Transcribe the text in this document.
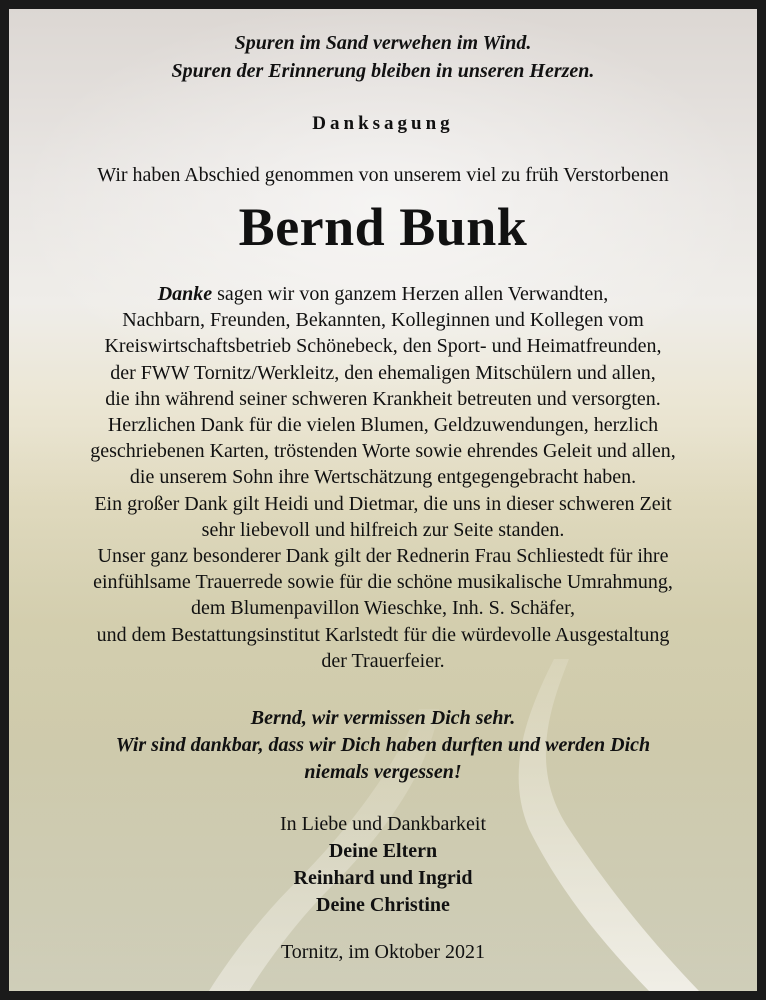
Spuren im Sand verwehen im Wind.
Spuren der Erinnerung bleiben in unseren Herzen.
Danksagung
Wir haben Abschied genommen von unserem viel zu früh Verstorbenen
Bernd Bunk
Danke sagen wir von ganzem Herzen allen Verwandten,
Nachbarn, Freunden, Bekannten, Kolleginnen und Kollegen vom
Kreiswirtschaftsbetrieb Schönebeck, den Sport- und Heimatfreunden,
der FWW Tornitz/Werkleitz, den ehemaligen Mitschülern und allen,
die ihn während seiner schweren Krankheit betreuten und versorgten.
Herzlichen Dank für die vielen Blumen, Geldzuwendungen, herzlich
geschriebenen Karten, tröstenden Worte sowie ehrendes Geleit und allen,
die unserem Sohn ihre Wertschätzung entgegengebracht haben.
Ein großer Dank gilt Heidi und Dietmar, die uns in dieser schweren Zeit
sehr liebevoll und hilfreich zur Seite standen.
Unser ganz besonderer Dank gilt der Rednerin Frau Schliestedt für ihre
einfühlsame Trauerrede sowie für die schöne musikalische Umrahmung,
dem Blumenpavillon Wieschke, Inh. S. Schäfer,
und dem Bestattungsinstitut Karlstedt für die würdevolle Ausgestaltung
der Trauerfeier.
Bernd, wir vermissen Dich sehr.
Wir sind dankbar, dass wir Dich haben durften und werden Dich
niemals vergessen!
In Liebe und Dankbarkeit
Deine Eltern
Reinhard und Ingrid
Deine Christine
Tornitz, im Oktober 2021
